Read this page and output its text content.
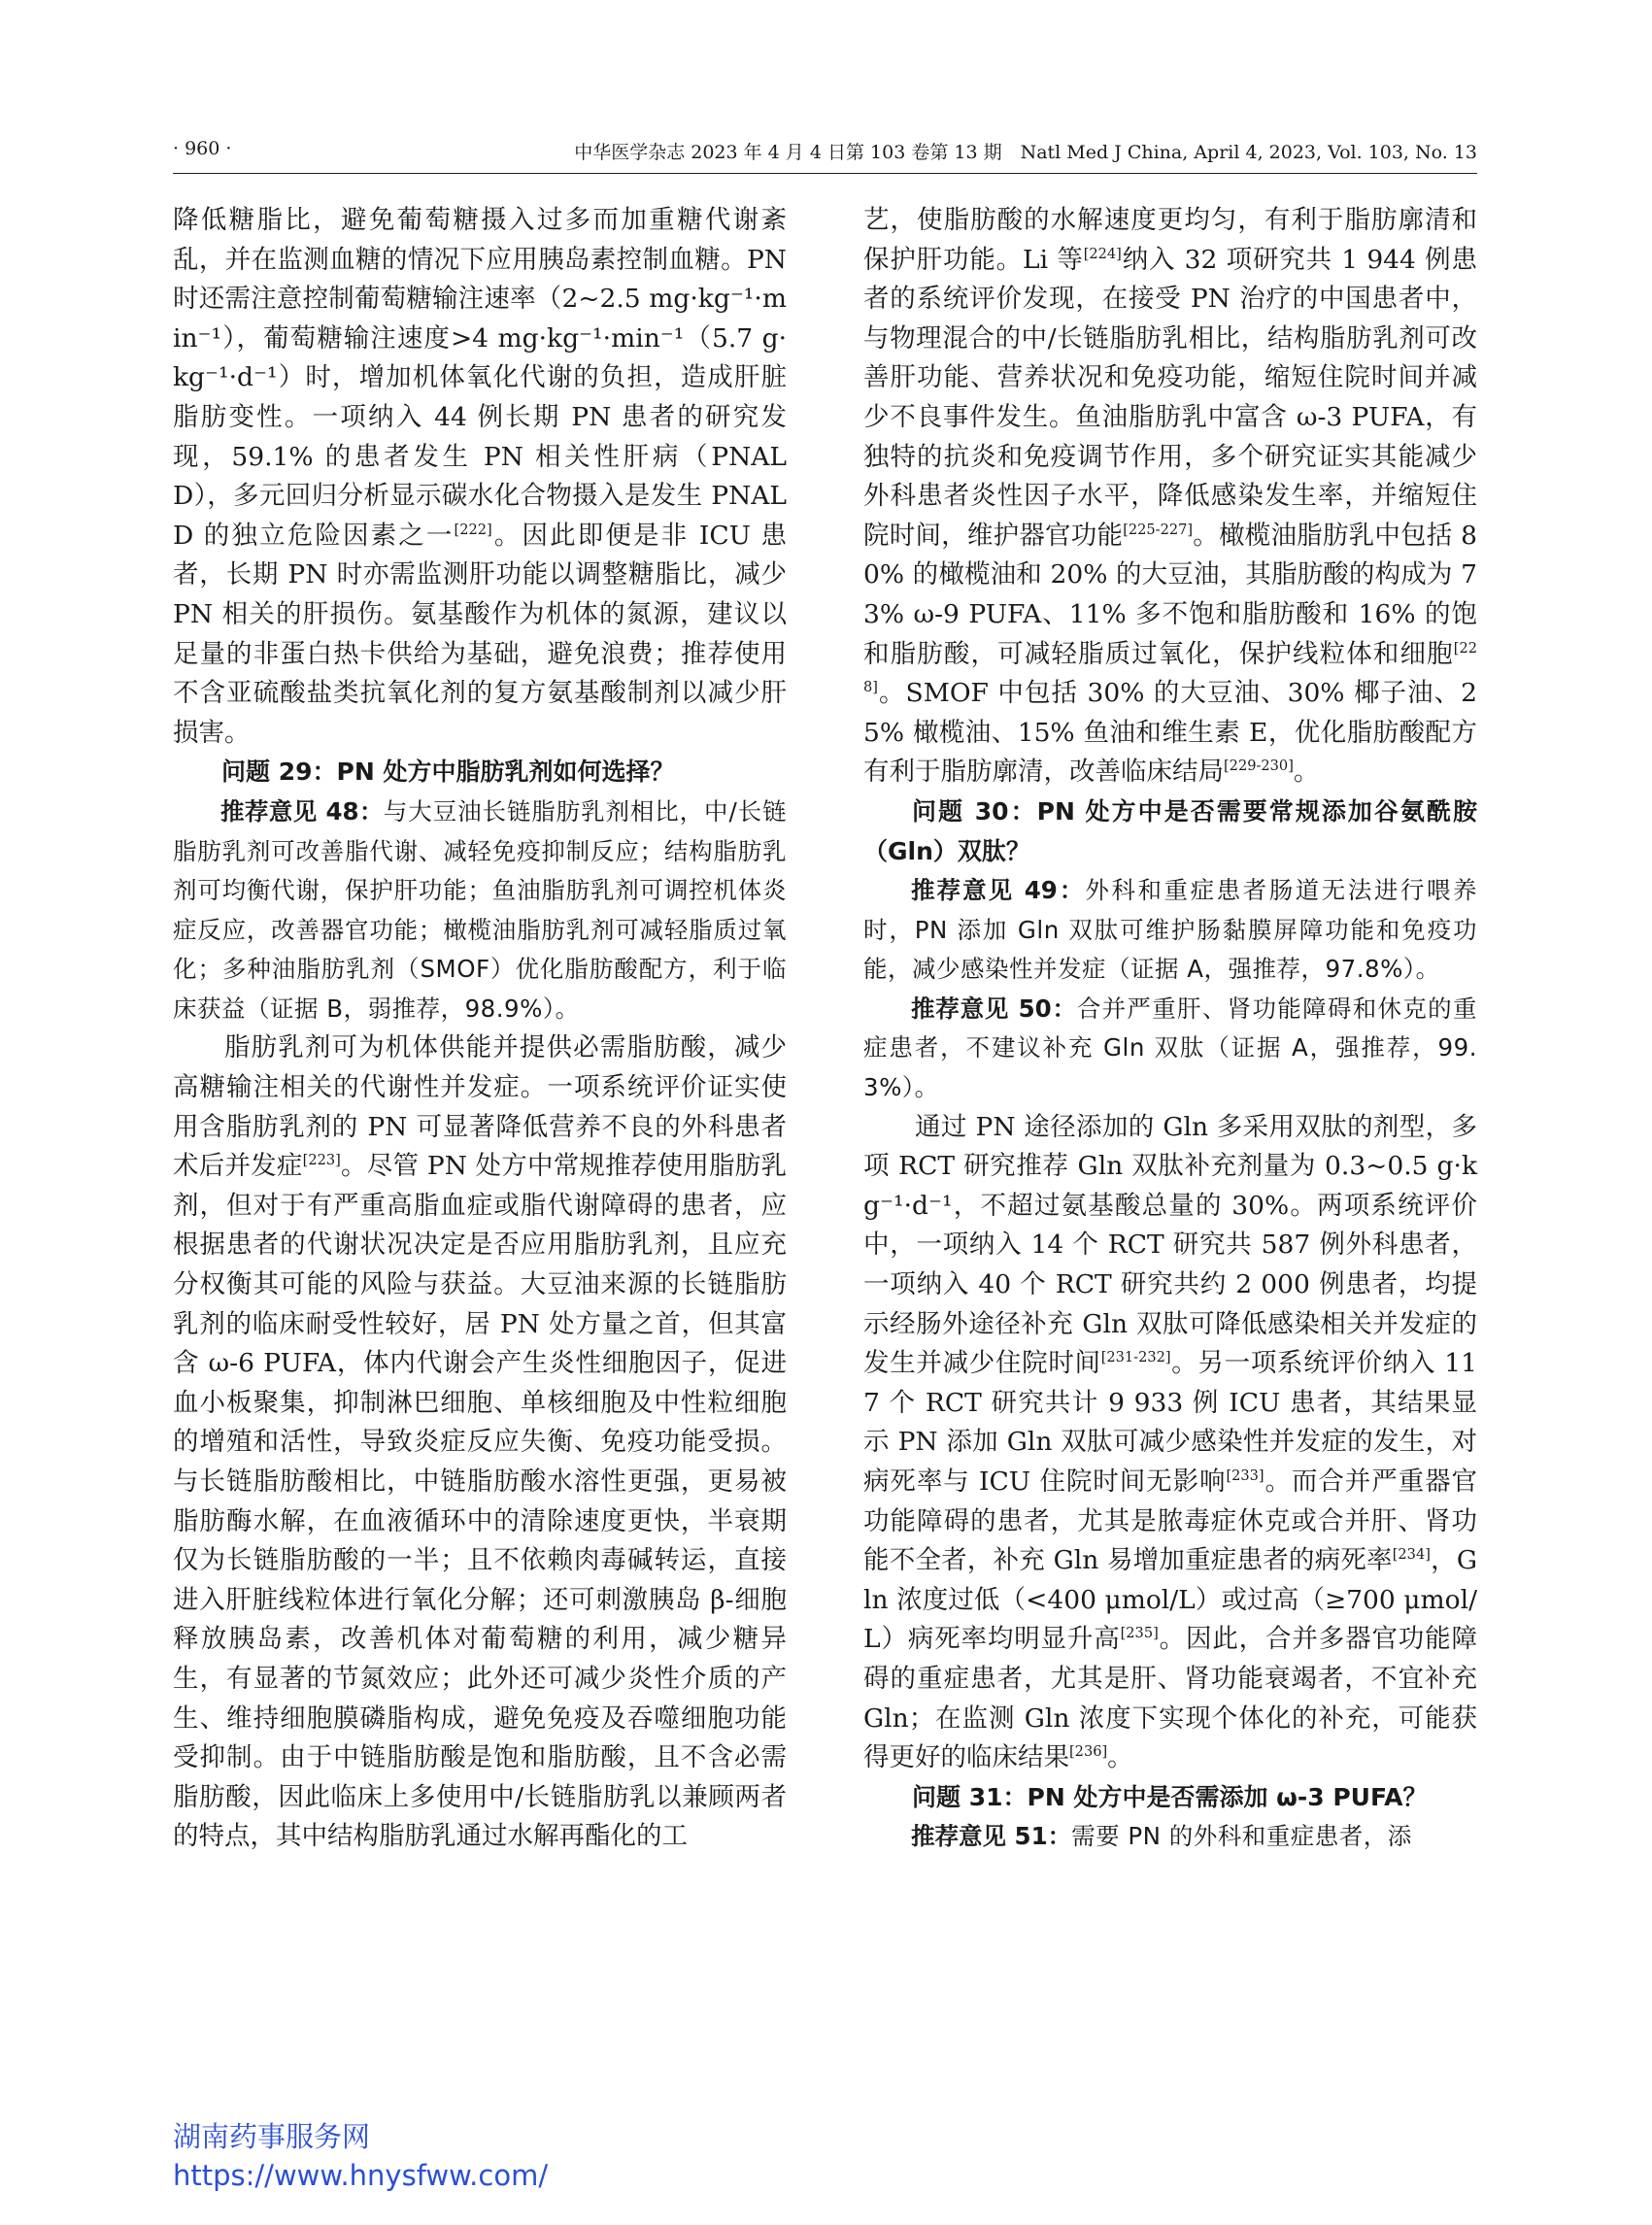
· 960 ·	中华医学杂志 2023 年 4 月 4 日第 103 卷第 13 期　Natl Med J China, April 4, 2023, Vol. 103, No. 13

降低糖脂比，避免葡萄糖摄入过多而加重糖代谢紊乱，并在监测血糖的情况下应用胰岛素控制血糖。PN 时还需注意控制葡萄糖输注速率（2~2.5 mg·kg⁻¹·min⁻¹），葡萄糖输注速度>4 mg·kg⁻¹·min⁻¹（5.7 g·kg⁻¹·d⁻¹）时，增加机体氧化代谢的负担，造成肝脏脂肪变性。一项纳入 44 例长期 PN 患者的研究发现，59.1% 的患者发生 PN 相关性肝病（PNALD），多元回归分析显示碳水化合物摄入是发生 PNALD 的独立危险因素之一[222]。因此即便是非 ICU 患者，长期 PN 时亦需监测肝功能以调整糖脂比，减少 PN 相关的肝损伤。氨基酸作为机体的氮源，建议以足量的非蛋白热卡供给为基础，避免浪费；推荐使用不含亚硫酸盐类抗氧化剂的复方氨基酸制剂以减少肝损害。

问题 29：PN 处方中脂肪乳剂如何选择？

推荐意见 48：与大豆油长链脂肪乳剂相比，中/长链脂肪乳剂可改善脂代谢、减轻免疫抑制反应；结构脂肪乳剂可均衡代谢，保护肝功能；鱼油脂肪乳剂可调控机体炎症反应，改善器官功能；橄榄油脂肪乳剂可减轻脂质过氧化；多种油脂肪乳剂（SMOF）优化脂肪酸配方，利于临床获益（证据 B，弱推荐，98.9%）。

脂肪乳剂可为机体供能并提供必需脂肪酸，减少高糖输注相关的代谢性并发症。一项系统评价证实使用含脂肪乳剂的 PN 可显著降低营养不良的外科患者术后并发症[223]。尽管 PN 处方中常规推荐使用脂肪乳剂，但对于有严重高脂血症或脂代谢障碍的患者，应根据患者的代谢状况决定是否应用脂肪乳剂，且应充分权衡其可能的风险与获益。大豆油来源的长链脂肪乳剂的临床耐受性较好，居 PN 处方量之首，但其富含 ω-6 PUFA，体内代谢会产生炎性细胞因子，促进血小板聚集，抑制淋巴细胞、单核细胞及中性粒细胞的增殖和活性，导致炎症反应失衡、免疫功能受损。与长链脂肪酸相比，中链脂肪酸水溶性更强，更易被脂肪酶水解，在血液循环中的清除速度更快，半衰期仅为长链脂肪酸的一半；且不依赖肉毒碱转运，直接进入肝脏线粒体进行氧化分解；还可刺激胰岛 β-细胞释放胰岛素，改善机体对葡萄糖的利用，减少糖异生，有显著的节氮效应；此外还可减少炎性介质的产生、维持细胞膜磷脂构成，避免免疫及吞噬细胞功能受抑制。由于中链脂肪酸是饱和脂肪酸，且不含必需脂肪酸，因此临床上多使用中/长链脂肪乳以兼顾两者的特点，其中结构脂肪乳通过水解再酯化的工

艺，使脂肪酸的水解速度更均匀，有利于脂肪廓清和保护肝功能。Li 等[224]纳入 32 项研究共 1 944 例患者的系统评价发现，在接受 PN 治疗的中国患者中，与物理混合的中/长链脂肪乳相比，结构脂肪乳剂可改善肝功能、营养状况和免疫功能，缩短住院时间并减少不良事件发生。鱼油脂肪乳中富含 ω-3 PUFA，有独特的抗炎和免疫调节作用，多个研究证实其能减少外科患者炎性因子水平，降低感染发生率，并缩短住院时间，维护器官功能[225-227]。橄榄油脂肪乳中包括 80% 的橄榄油和 20% 的大豆油，其脂肪酸的构成为 73% ω-9 PUFA、11% 多不饱和脂肪酸和 16% 的饱和脂肪酸，可减轻脂质过氧化，保护线粒体和细胞[228]。SMOF 中包括 30% 的大豆油、30% 椰子油、25% 橄榄油、15% 鱼油和维生素 E，优化脂肪酸配方有利于脂肪廓清，改善临床结局[229-230]。

问题 30：PN 处方中是否需要常规添加谷氨酰胺（Gln）双肽？

推荐意见 49：外科和重症患者肠道无法进行喂养时，PN 添加 Gln 双肽可维护肠黏膜屏障功能和免疫功能，减少感染性并发症（证据 A，强推荐，97.8%）。

推荐意见 50：合并严重肝、肾功能障碍和休克的重症患者，不建议补充 Gln 双肽（证据 A，强推荐，99.3%）。

通过 PN 途径添加的 Gln 多采用双肽的剂型，多项 RCT 研究推荐 Gln 双肽补充剂量为 0.3~0.5 g·kg⁻¹·d⁻¹，不超过氨基酸总量的 30%。两项系统评价中，一项纳入 14 个 RCT 研究共 587 例外科患者，一项纳入 40 个 RCT 研究共约 2 000 例患者，均提示经肠外途径补充 Gln 双肽可降低感染相关并发症的发生并减少住院时间[231-232]。另一项系统评价纳入 117 个 RCT 研究共计 9 933 例 ICU 患者，其结果显示 PN 添加 Gln 双肽可减少感染性并发症的发生，对病死率与 ICU 住院时间无影响[233]。而合并严重器官功能障碍的患者，尤其是脓毒症休克或合并肝、肾功能不全者，补充 Gln 易增加重症患者的病死率[234]，Gln 浓度过低（<400 μmol/L）或过高（≥700 μmol/L）病死率均明显升高[235]。因此，合并多器官功能障碍的重症患者，尤其是肝、肾功能衰竭者，不宜补充 Gln；在监测 Gln 浓度下实现个体化的补充，可能获得更好的临床结果[236]。

问题 31：PN 处方中是否需添加 ω-3 PUFA？

推荐意见 51：需要 PN 的外科和重症患者，添

湖南药事服务网
https://www.hnysfww.com/
